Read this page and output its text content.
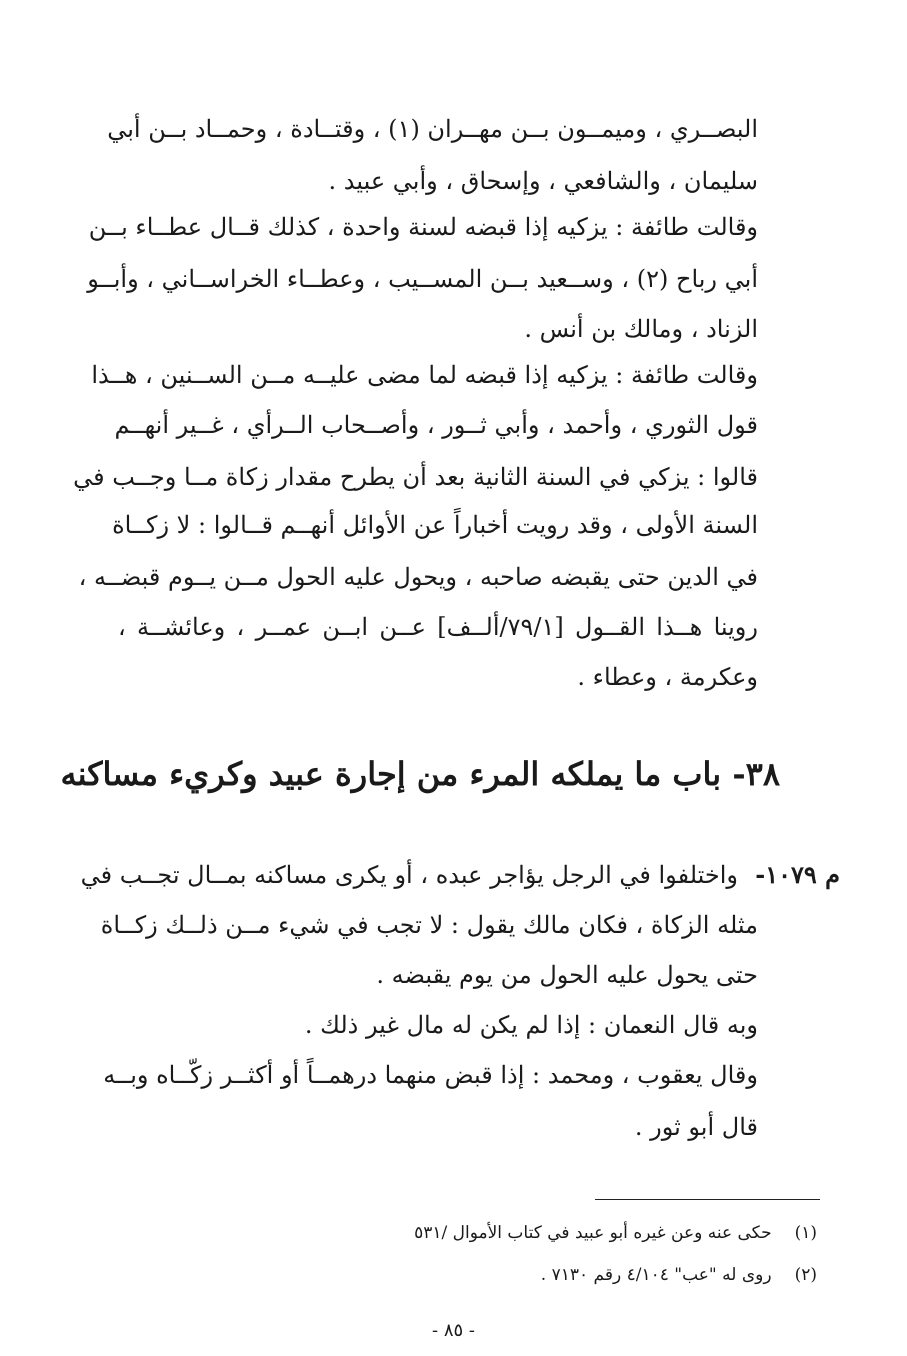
البصــري ، وميمــون بــن مهــران (١) ، وقتــادة ، وحمــاد بــن أبي
سليمان ، والشافعي ، وإسحاق ، وأبي عبيد .
وقالت طائفة : يزكيه إذا قبضه لسنة واحدة ، كذلك قــال عطــاء بــن
أبي رباح (٢) ، وســعيد بــن المســيب ، وعطــاء الخراســاني ، وأبــو
الزناد ، ومالك بن أنس .
وقالت طائفة : يزكيه إذا قبضه لما مضى عليــه مــن الســنين ، هــذا
قول الثوري ، وأحمد ، وأبي ثــور ، وأصــحاب الــرأي ، غــير أنهــم
قالوا : يزكي في السنة الثانية بعد أن يطرح مقدار زكاة مــا وجــب في
السنة الأولى ، وقد رويت أخباراً عن الأوائل أنهــم قــالوا : لا زكــاة
في الدين حتى يقبضه صاحبه ، ويحول عليه الحول مــن يــوم قبضــه ،
روينا هــذا القــول [٧٩/١/ألــف] عــن ابــن عمــر ، وعائشــة ،
وعكرمة ، وعطاء .
٣٨- باب ما يملكه المرء من إجارة عبيد وكريء مساكنه
م ١٠٧٩-
واختلفوا في الرجل يؤاجر عبده ، أو يكرى مساكنه بمــال تجــب في
مثله الزكاة ، فكان مالك يقول : لا تجب في شيء مــن ذلــك زكــاة
حتى يحول عليه الحول من يوم يقبضه .
وبه قال النعمان : إذا لم يكن له مال غير ذلك .
وقال يعقوب ، ومحمد : إذا قبض منهما درهمــاً أو أكثــر زكّــاه وبــه
قال أبو ثور .
(١) حكى عنه وعن غيره أبو عبيد في كتاب الأموال /٥٣١
(٢) روى له "عب" ٤/١٠٤ رقم ٧١٣٠ .
- ٨٥ -
